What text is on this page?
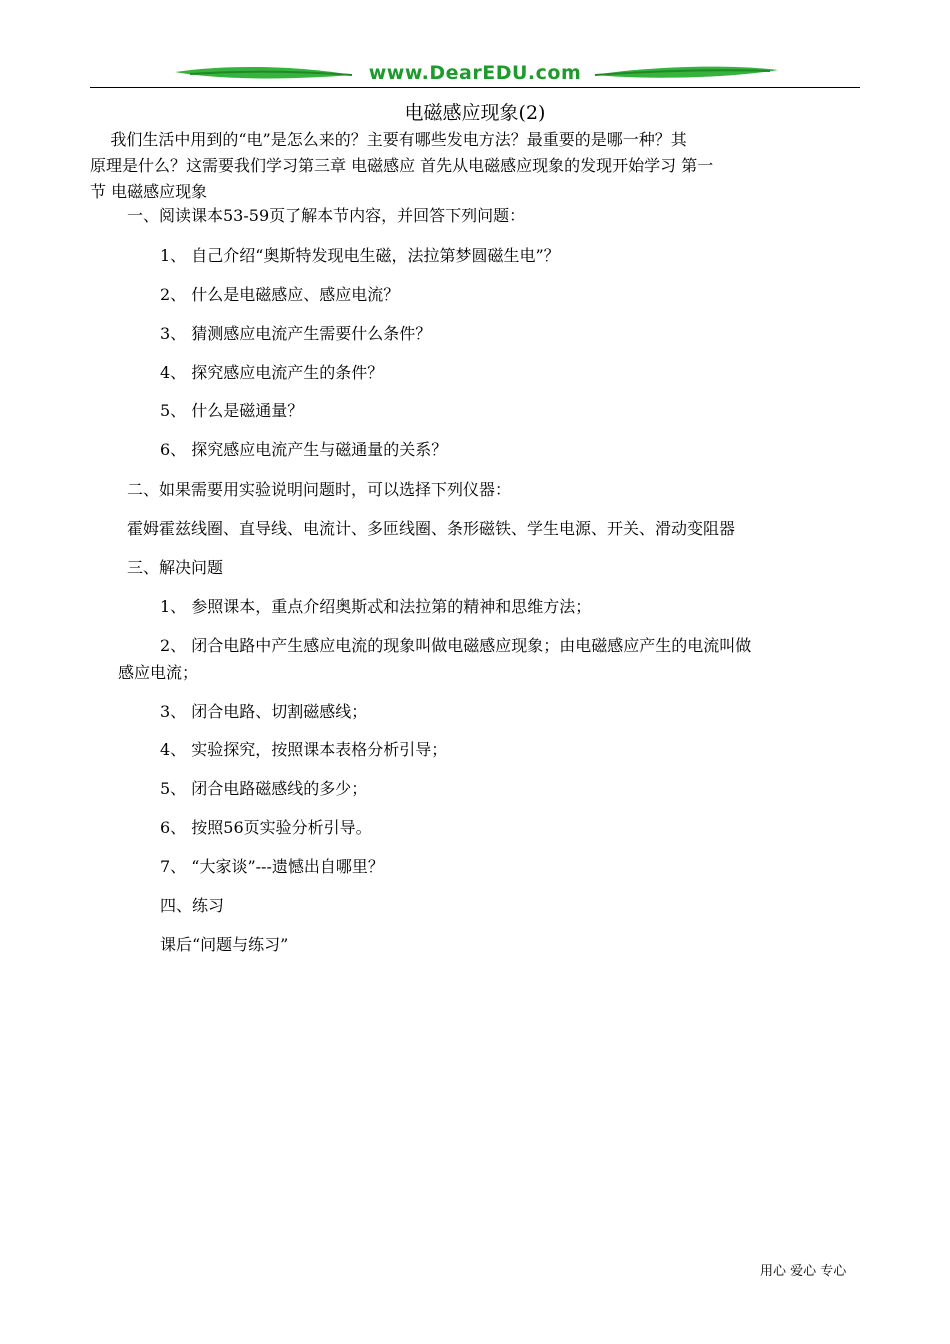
www.DearEDU.com
电磁感应现象(2)
我们生活中用到的“电”是怎么来的？主要有哪些发电方法？最重要的是哪一种？其
原理是什么？这需要我们学习第三章 电磁感应 首先从电磁感应现象的发现开始学习 第一
节 电磁感应现象
一、阅读课本53-59页了解本节内容，并回答下列问题：
1、 自己介绍“奥斯特发现电生磁，法拉第梦圆磁生电”？
2、 什么是电磁感应、感应电流？
3、 猜测感应电流产生需要什么条件？
4、 探究感应电流产生的条件？
5、 什么是磁通量？
6、 探究感应电流产生与磁通量的关系？
二、如果需要用实验说明问题时，可以选择下列仪器：
霍姆霍兹线圈、直导线、电流计、多匝线圈、条形磁铁、学生电源、开关、滑动变阻器
三、解决问题
1、 参照课本，重点介绍奥斯忒和法拉第的精神和思维方法；
2、 闭合电路中产生感应电流的现象叫做电磁感应现象；由电磁感应产生的电流叫做
感应电流；
3、 闭合电路、切割磁感线；
4、 实验探究，按照课本表格分析引导；
5、 闭合电路磁感线的多少；
6、 按照56页实验分析引导。
7、 “大家谈”---遗憾出自哪里？
四、练习
课后“问题与练习”
用心 爱心 专心
